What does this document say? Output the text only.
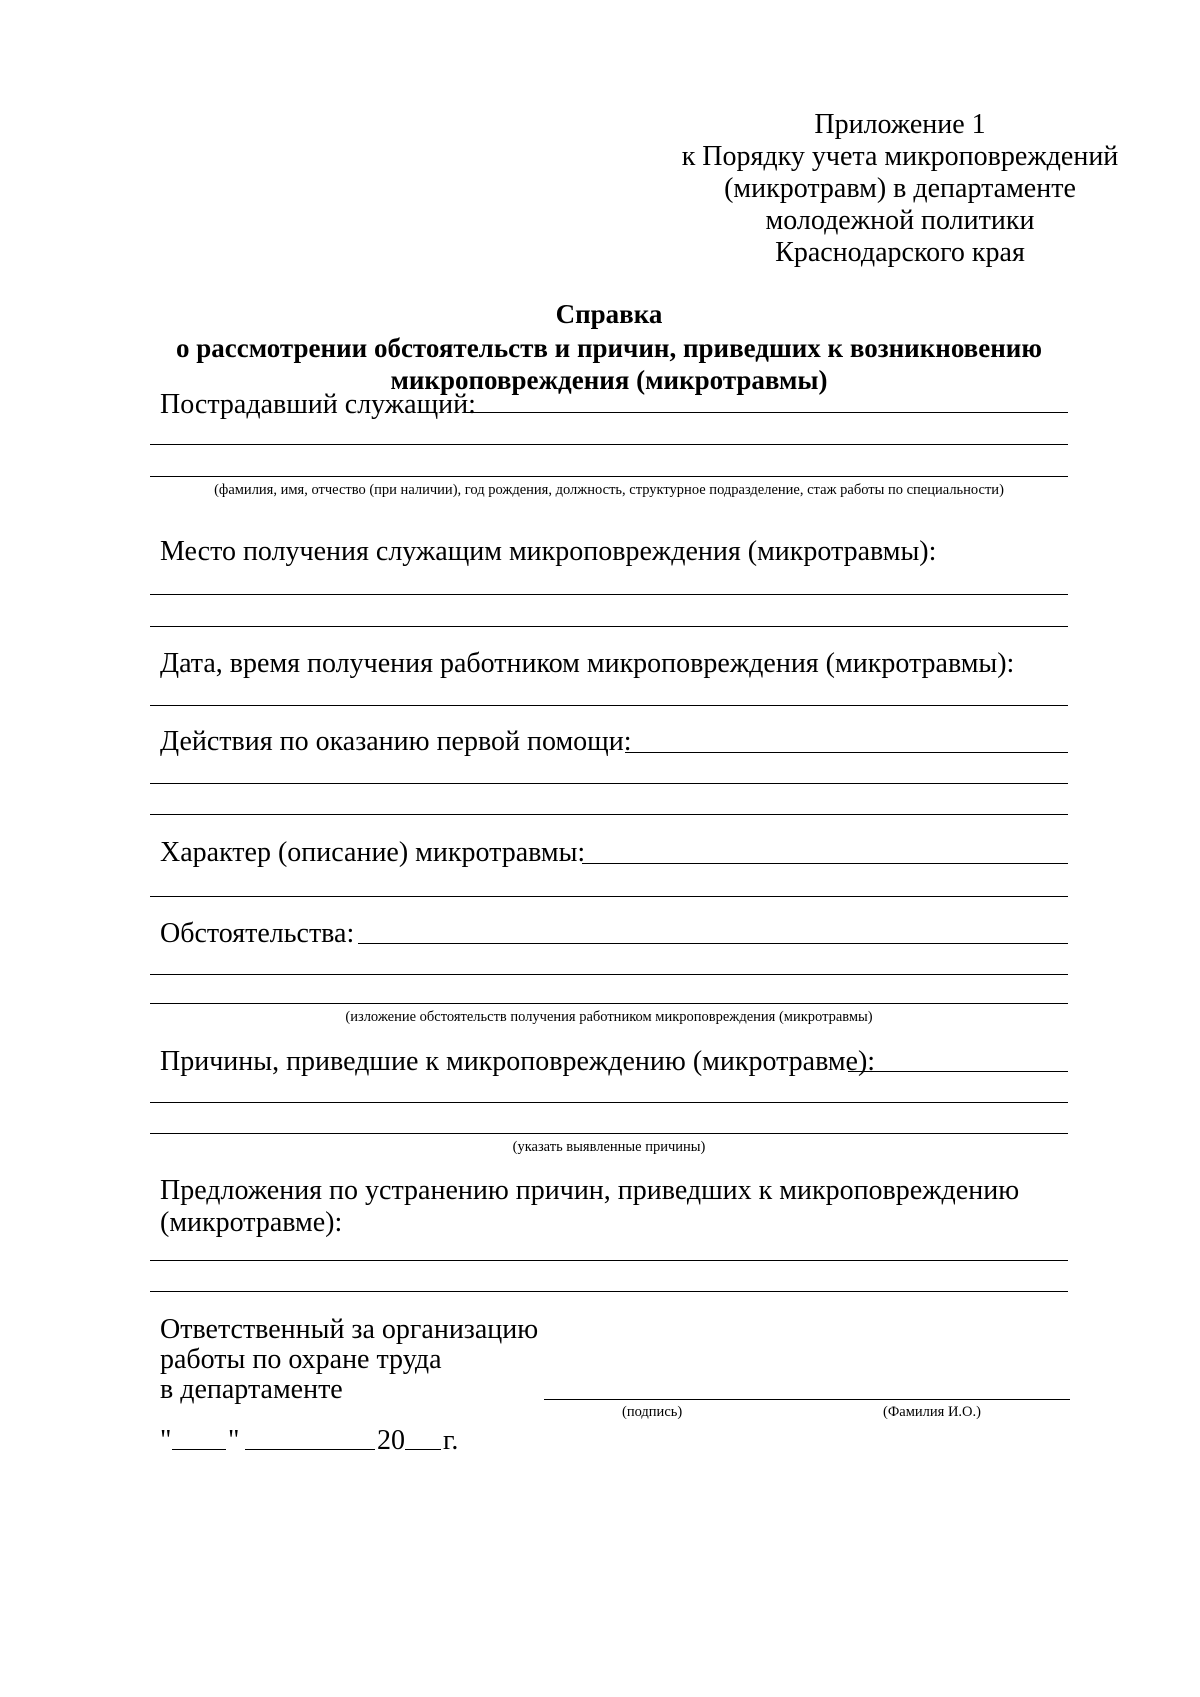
Приложение 1
к Порядку учета микроповреждений
(микротравм) в департаменте
молодежной политики
Краснодарского края
Справка
о рассмотрении обстоятельств и причин, приведших к возникновению
микроповреждения (микротравмы)
Пострадавший служащий:
(фамилия, имя, отчество (при наличии), год рождения, должность, структурное подразделение, стаж работы по специальности)
Место получения служащим микроповреждения (микротравмы):
Дата, время получения работником микроповреждения (микротравмы):
Действия по оказанию первой помощи:
Характер (описание) микротравмы:
Обстоятельства:
(изложение обстоятельств получения работником микроповреждения (микротравмы)
Причины, приведшие к микроповреждению (микротравме):
(указать выявленные причины)
Предложения по устранению причин, приведших к микроповреждению
(микротравме):
Ответственный за организацию
работы по охране труда
в департаменте
(подпись)	(Фамилия И.О.)
" "	20 г.
